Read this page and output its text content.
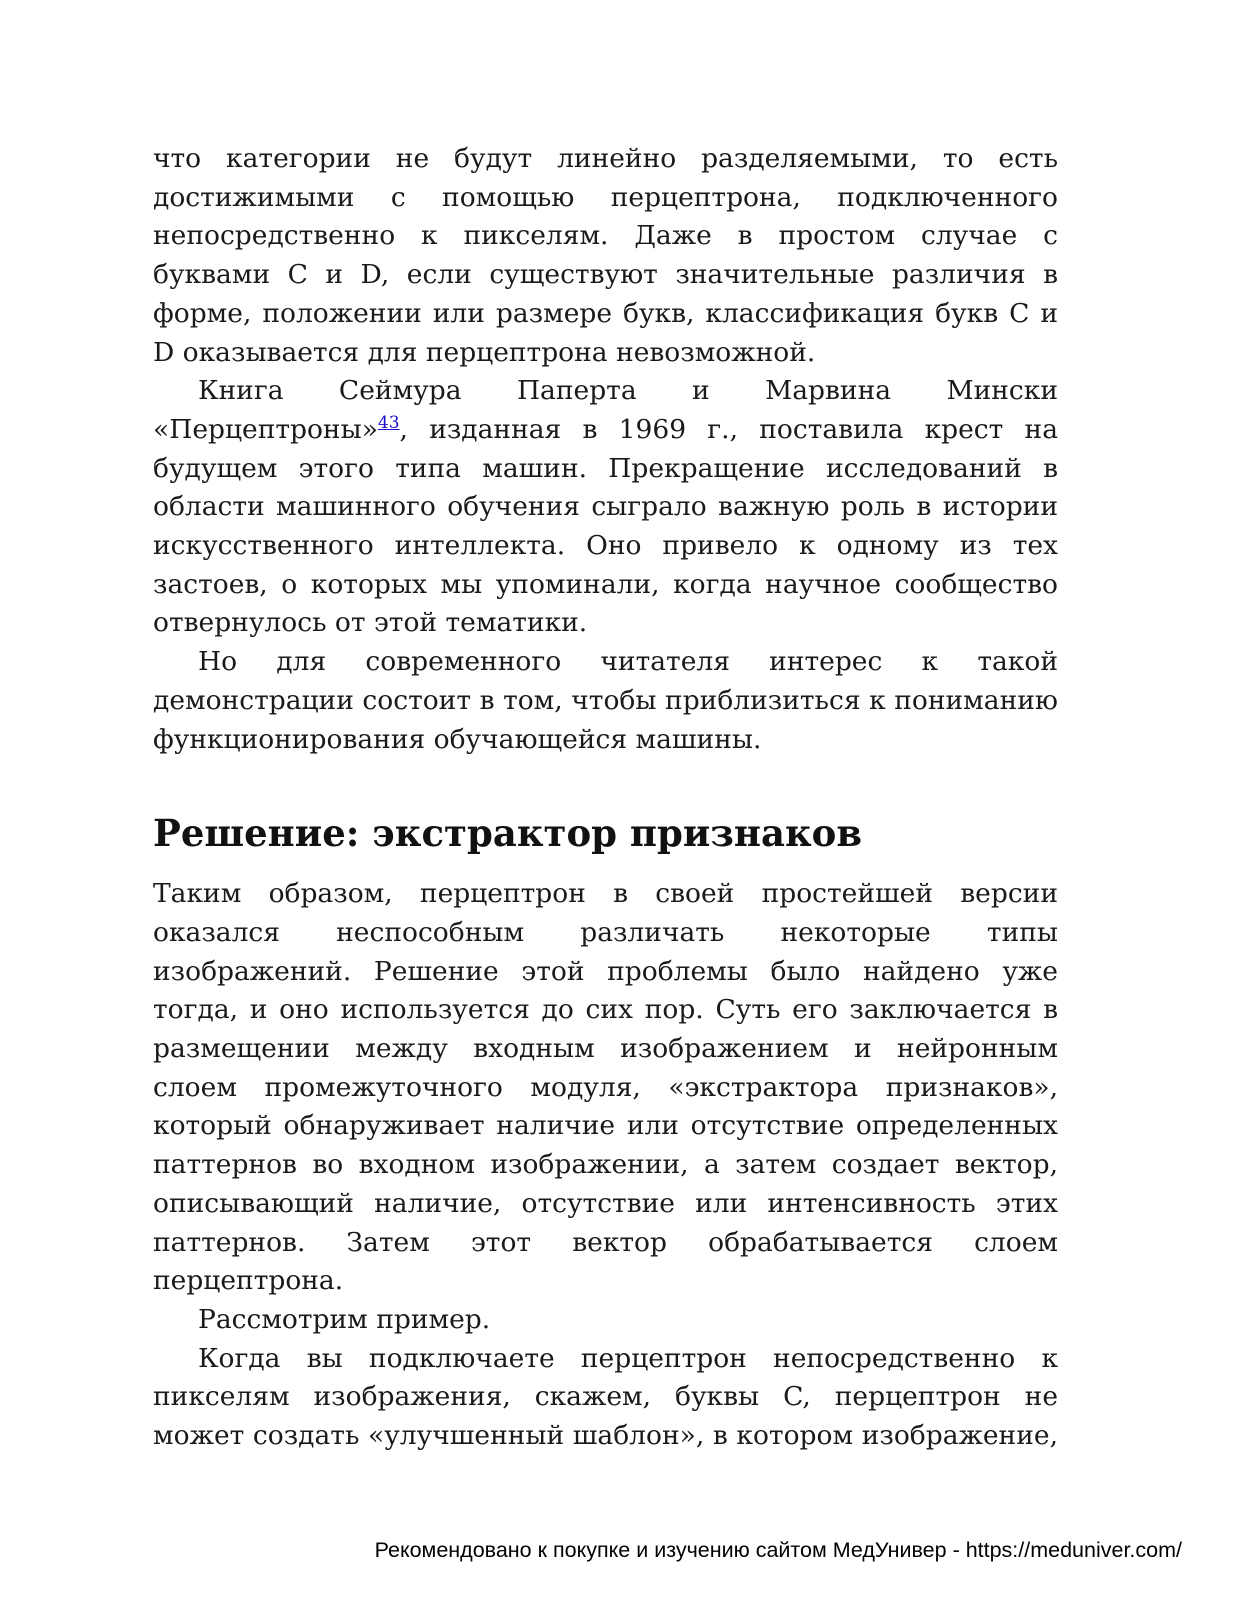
что категории не будут линейно разделяемыми, то есть достижимыми с помощью перцептрона, подключенного непосредственно к пикселям. Даже в простом случае с буквами C и D, если существуют значительные различия в форме, положении или размере букв, классификация букв C и D оказывается для перцептрона невозможной.

Книга Сеймура Паперта и Марвина Мински «Перцептроны»$^{43}$, изданная в 1969 г., поставила крест на будущем этого типа машин. Прекращение исследований в области машинного обучения сыграло важную роль в истории искусственного интеллекта. Оно привело к одному из тех застоев, о которых мы упоминали, когда научное сообщество отвернулось от этой тематики.

Но для современного читателя интерес к такой демонстрации состоит в том, чтобы приблизиться к пониманию функционирования обучающейся машины.

Решение: экстрактор признаков

Таким образом, перцептрон в своей простейшей версии оказался неспособным различать некоторые типы изображений. Решение этой проблемы было найдено уже тогда, и оно используется до сих пор. Суть его заключается в размещении между входным изображением и нейронным слоем промежуточного модуля, «экстрактора признаков», который обнаруживает наличие или отсутствие определенных паттернов во входном изображении, а затем создает вектор, описывающий наличие, отсутствие или интенсивность этих паттернов. Затем этот вектор обрабатывается слоем перцептрона.

Рассмотрим пример.

Когда вы подключаете перцептрон непосредственно к пикселям изображения, скажем, буквы C, перцептрон не может создать «улучшенный шаблон», в котором изображение,

Рекомендовано к покупке и изучению сайтом МедУнивер - https://meduniver.com/
